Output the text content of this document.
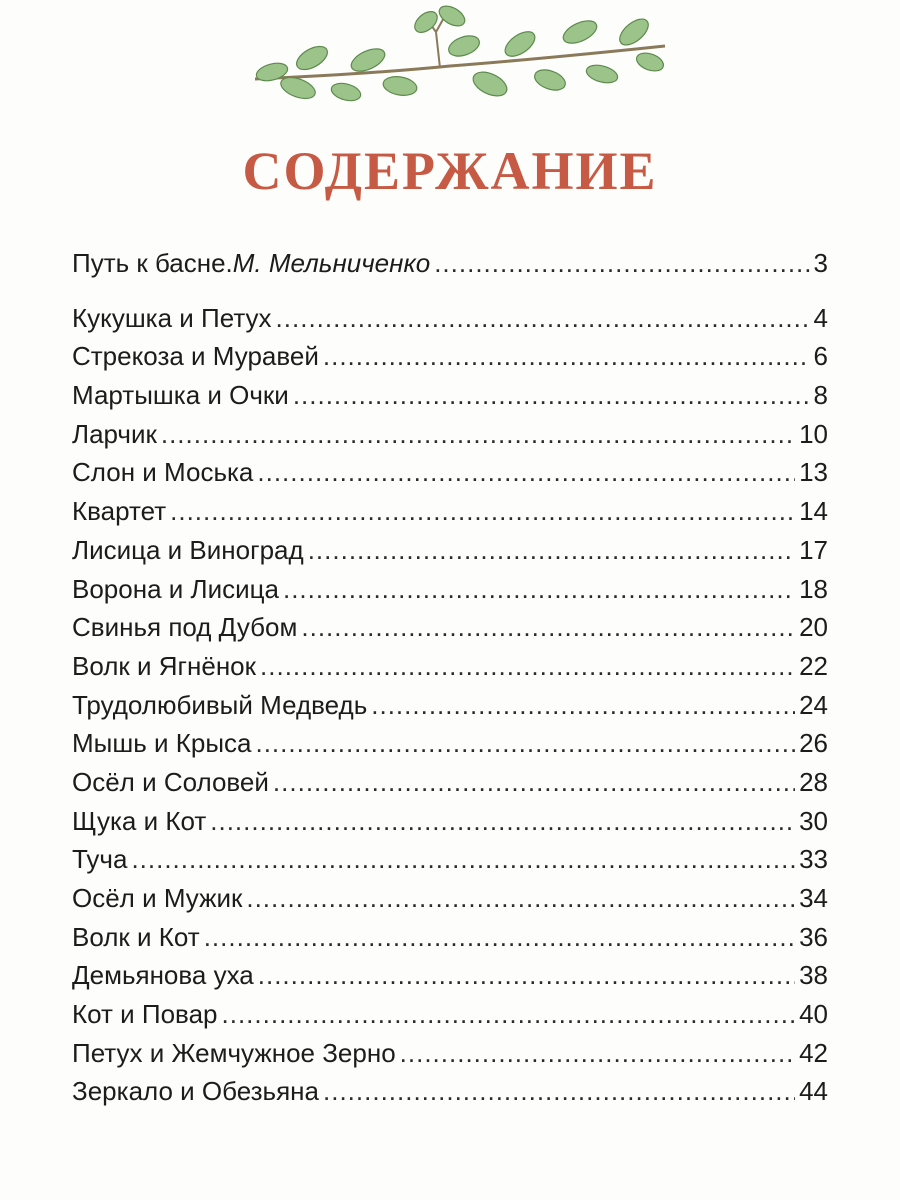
СОДЕРЖАНИЕ
Путь к басне. М. Мельниченко .....	3
Кукушка и Петух .....	4
Стрекоза и Муравей .....	6
Мартышка и Очки .....	8
Ларчик .....	10
Слон и Моська .....	13
Квартет .....	14
Лисица и Виноград .....	17
Ворона и Лисица .....	18
Свинья под Дубом .....	20
Волк и Ягнёнок .....	22
Трудолюбивый Медведь .....	24
Мышь и Крыса .....	26
Осёл и Соловей .....	28
Щука и Кот .....	30
Туча .....	33
Осёл и Мужик .....	34
Волк и Кот .....	36
Демьянова уха .....	38
Кот и Повар .....	40
Петух и Жемчужное Зерно .....	42
Зеркало и Обезьяна .....	44
